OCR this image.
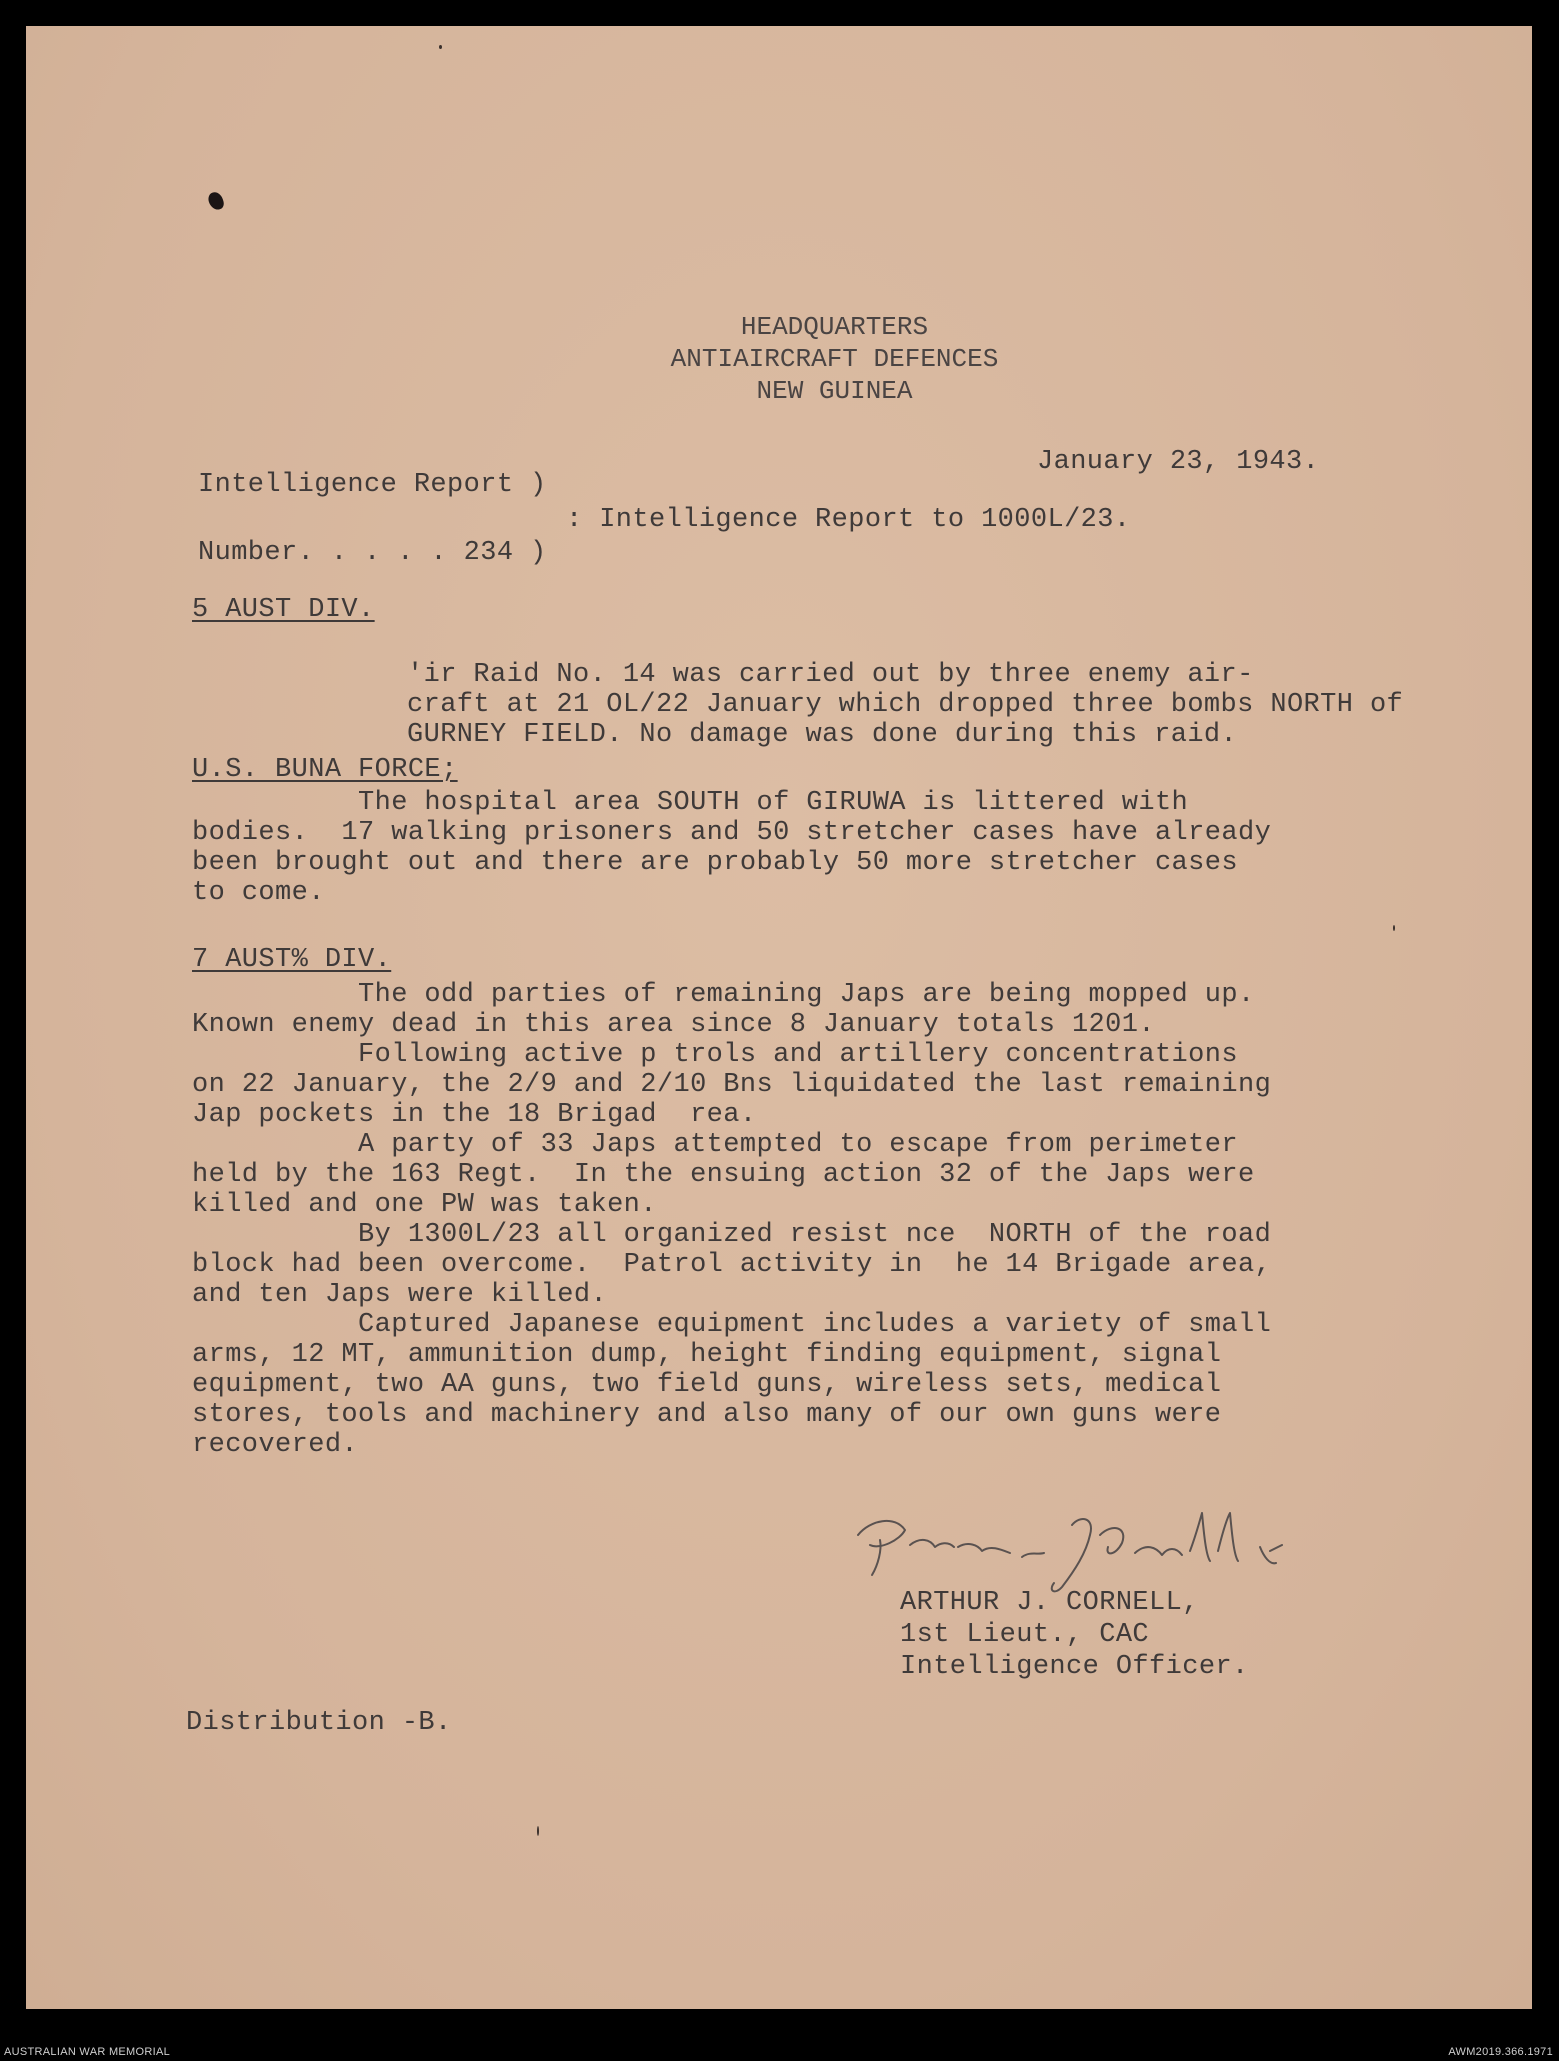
HEADQUARTERS
ANTIAIRCRAFT DEFENCES
NEW GUINEA
January 23, 1943.
Intelligence Report )
: Intelligence Report to 1000L/23.
Number. . . . . 234 )
5 AUST DIV.

'ir Raid No. 14 was carried out by three enemy air-
craft at 21 OL/22 January which dropped three bombs NORTH of
GURNEY FIELD. No damage was done during this raid.

U.S. BUNA FORCE;
The hospital area SOUTH of GIRUWA is littered with
bodies.  17 walking prisoners and 50 stretcher cases have already
been brought out and there are probably 50 more stretcher cases
to come.
7 AUST% DIV.
The odd parties of remaining Japs are being mopped up.
Known enemy dead in this area since 8 January totals 1201.
Following active p trols and artillery concentrations
on 22 January, the 2/9 and 2/10 Bns liquidated the last remaining
Jap pockets in the 18 Brigad  rea.
A party of 33 Japs attempted to escape from perimeter
held by the 163 Regt.  In the ensuing action 32 of the Japs were
killed and one PW was taken.
By 1300L/23 all organized resist nce  NORTH of the road
block had been overcome.  Patrol activity in  he 14 Brigade area,
and ten Japs were killed.
Captured Japanese equipment includes a variety of small
arms, 12 MT, ammunition dump, height finding equipment, signal
equipment, two AA guns, two field guns, wireless sets, medical
stores, tools and machinery and also many of our own guns were
recovered.
ARTHUR J. CORNELL,
1st Lieut., CAC
Intelligence Officer.
Distribution -B.
AUSTRALIAN WAR MEMORIAL	AWM2019.366.1971
